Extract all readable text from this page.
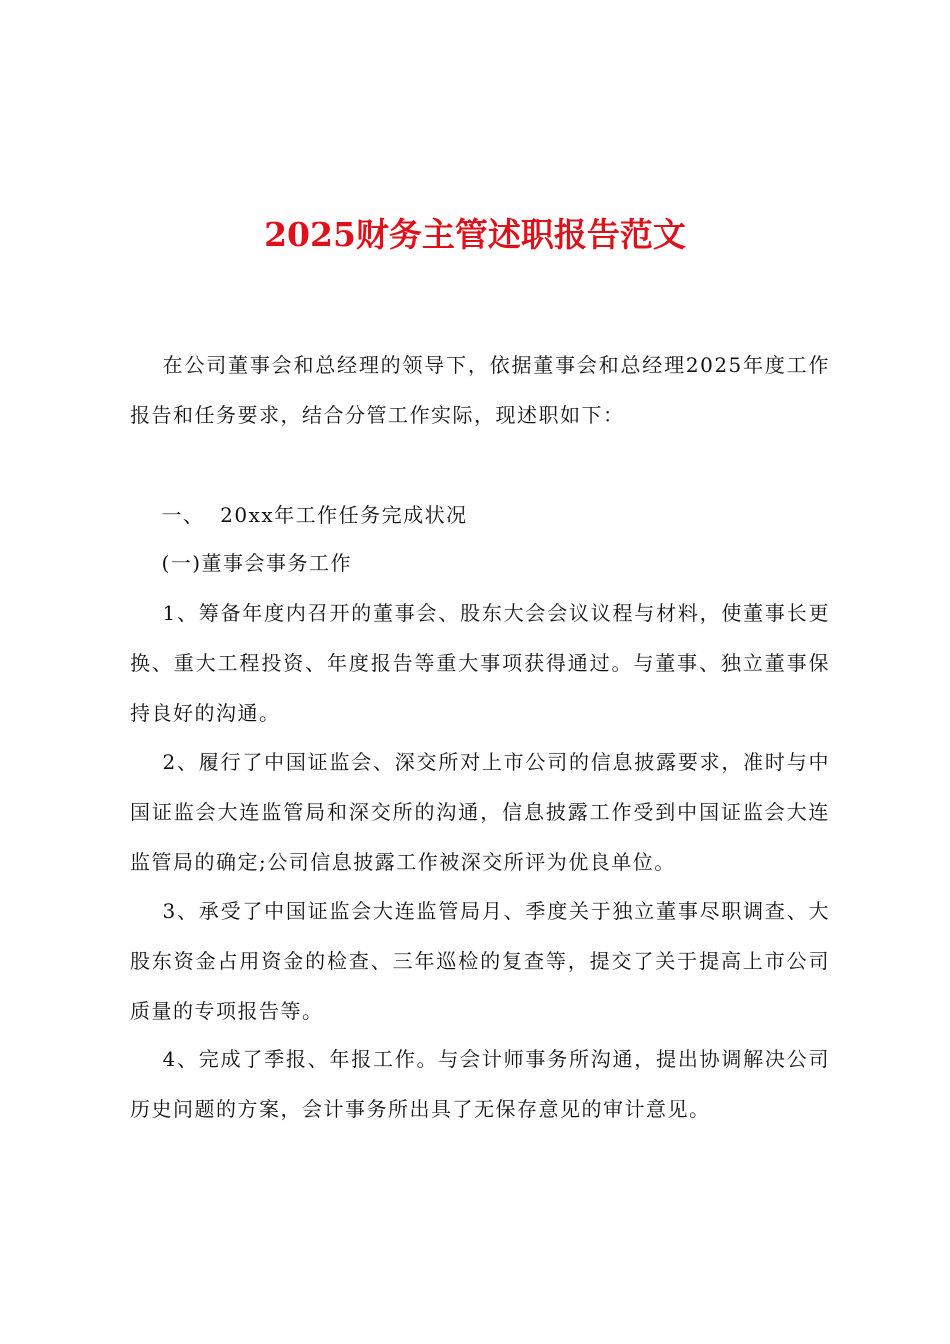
2025财务主管述职报告范文

在公司董事会和总经理的领导下，依据董事会和总经理2025年度工作报告和任务要求，结合分管工作实际，现述职如下：

一、  20xx年工作任务完成状况

(一)董事会事务工作

1、筹备年度内召开的董事会、股东大会会议议程与材料，使董事长更换、重大工程投资、年度报告等重大事项获得通过。与董事、独立董事保持良好的沟通。

2、履行了中国证监会、深交所对上市公司的信息披露要求，准时与中国证监会大连监管局和深交所的沟通，信息披露工作受到中国证监会大连监管局的确定;公司信息披露工作被深交所评为优良单位。

3、承受了中国证监会大连监管局月、季度关于独立董事尽职调查、大股东资金占用资金的检查、三年巡检的复查等，提交了关于提高上市公司质量的专项报告等。

4、完成了季报、年报工作。与会计师事务所沟通，提出协调解决公司历史问题的方案，会计事务所出具了无保存意见的审计意见。
